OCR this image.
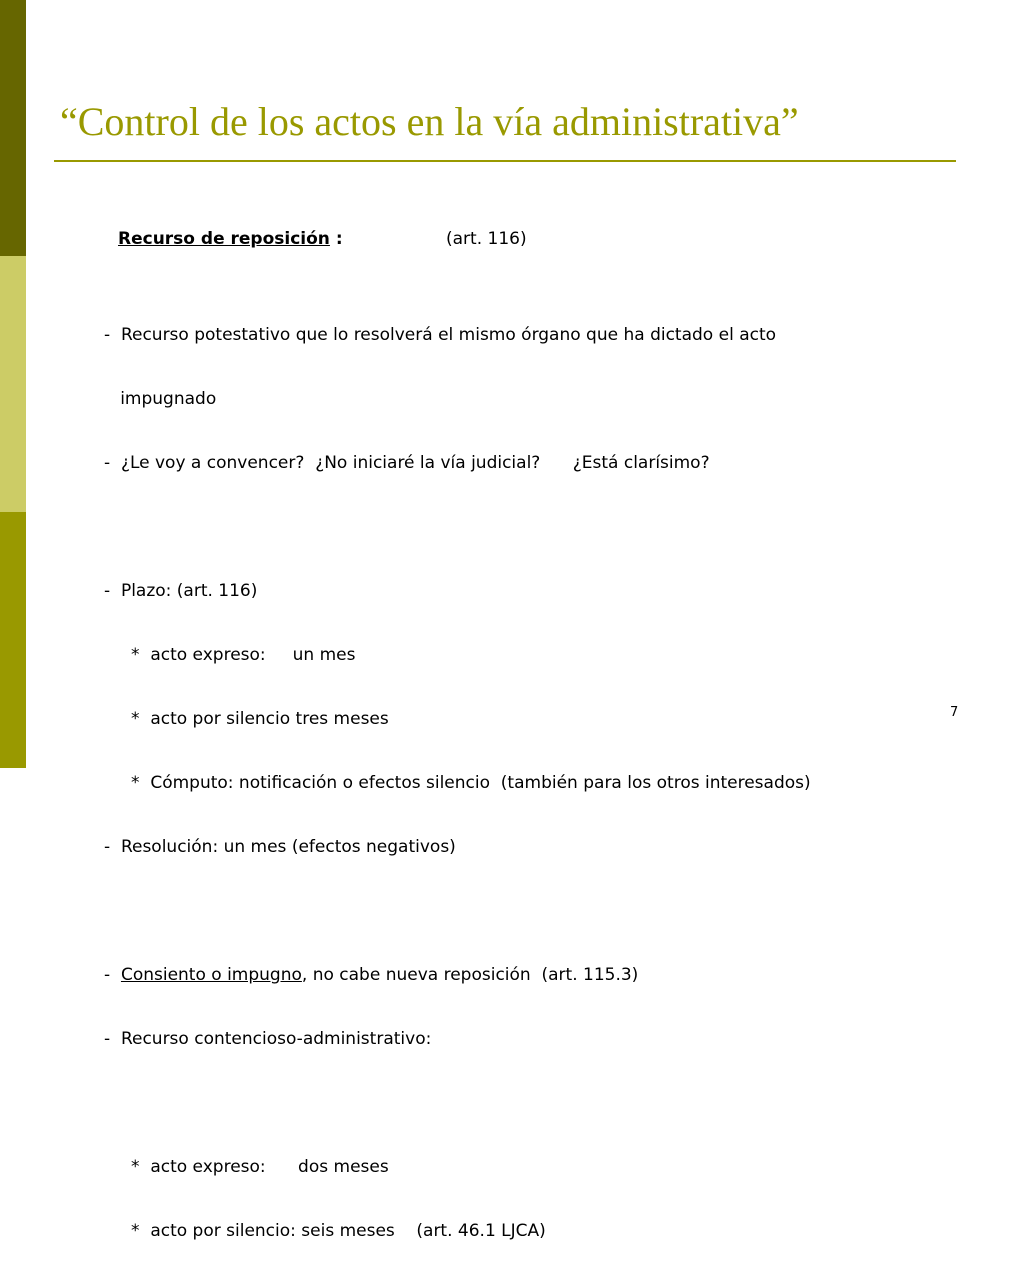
“Control de los actos en la vía administrativa”
Recurso de reposición :	(art. 116)

-  Recurso potestativo que lo resolverá el mismo órgano que ha dictado el acto

impugnado

-  ¿Le voy a convencer?  ¿No iniciaré la vía judicial?      ¿Está clarísimo?

-  Plazo: (art. 116)

*  acto expreso:     un mes

*  acto por silencio tres meses

*  Cómputo: notificación o efectos silencio  (también para los otros interesados)

-  Resolución: un mes (efectos negativos)

-  Consiento o impugno, no cabe nueva reposición  (art. 115.3)

-  Recurso contencioso-administrativo:

*  acto expreso:      dos meses

*  acto por silencio: seis meses    (art. 46.1 LJCA)

7
